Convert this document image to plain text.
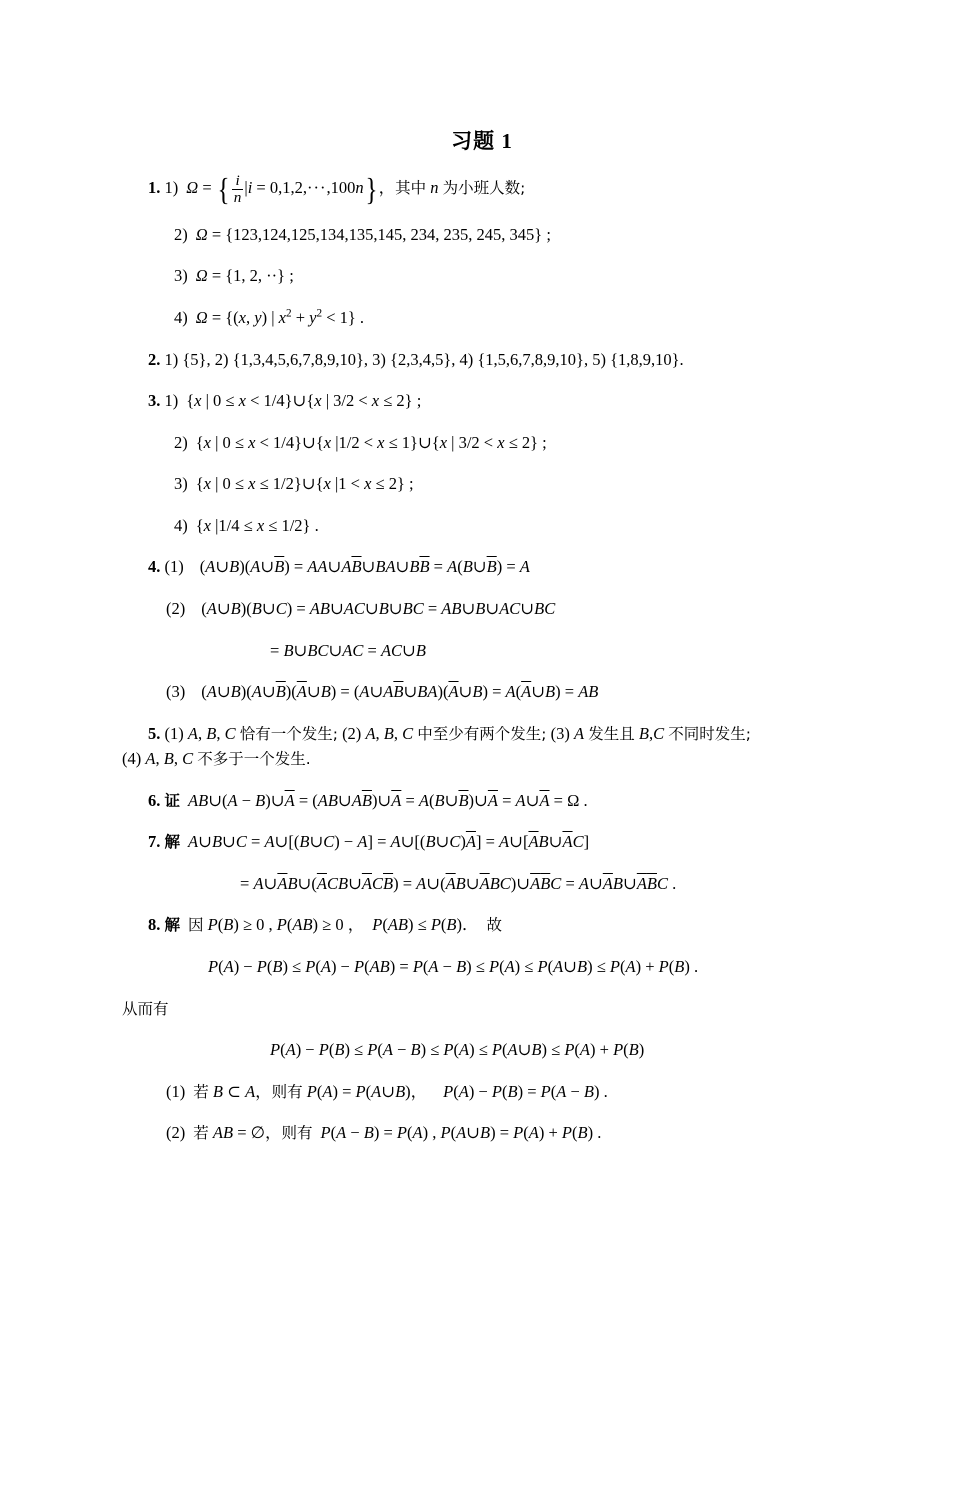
习题 1
1. 1) Ω = { $\frac{i}{n} |i = 0,1,2,\cdot\cdot\cdot,100n$}，其中 n 为小班人数;
2) Ω = {123,124,125,134,135,145, 234, 235, 245, 345} ;
3) Ω = {1, 2, ··} ;
4) Ω = {(x, y) | $x^2 + y^2 < 1$} .
2. 1) {5}, 2) {1,3,4,5,6,7,8,9,10}, 3) {2,3,4,5}, 4) {1,5,6,7,8,9,10}, 5) {1,8,9,10}.
3. 1) {x | 0 ≤ x < 1/4}∪{x | 3/2 < x ≤ 2} ;
2) {x | 0 ≤ x < 1/4}∪{x |1/2 < x ≤ 1}∪{x | 3/2 < x ≤ 2} ;
3) {x | 0 ≤ x ≤ 1/2}∪{x |1 < x ≤ 2} ;
4) {x |1/4 ≤ x ≤ 1/2} .
4. (1) $(A\cup B)(A\cup\overline{B})$ = $AA\cup A\overline{B}\cup BA\cup B\overline{B}$ = $A(B\cup\overline{B}) = A$
(2) (A∪B)(B∪C) = AB∪AC∪B∪BC = AB∪B∪AC∪BC
= B∪BC∪AC = AC∪B
(3) $(A\cup B)(A\cup\overline{B})(\overline{A}\cup B)$ = $(A\cup A\overline{B}\cup BA)(\overline{A}\cup B)$ = $A(\overline{A}\cup B)$ = AB
5. (1) A, B, C 恰有一个发生; (2) A, B, C 中至少有两个发生; (3) A 发生且 B,C 不同时发生;
(4) A, B, C 不多于一个发生.
6. 证 AB∪(A − $B)\cup\overline{A}$ = $(AB\cup A\overline{B})\cup\overline{A}$ = $A(B\cup\overline{B})\cup\overline{A}$ = $A\cup\overline{A} = \Omega$ .
7. 解 A∪B∪C = A∪[(B∪C) − $A] = A\cup[(B\cup C)\overline{A}]$ = $A\cup[\overline{A}B\cup\overline{A}C]$
= $A\cup\overline{A}B\cup(\overline{A}CB\cup\overline{A}C\overline{B})$ = $A\cup(\overline{A}B\cup\overline{A}BC)\cup\overline{A}\overline{B}C$ = $A\cup\overline{A}B\cup\overline{A}\overline{B}C$ .
8. 解 因 P(B) ≥ 0 , P(AB) ≥ 0 ， P(AB) ≤ P(B)． 故
P(A) − P(B) ≤ P(A) − P(AB) = P(A − B) ≤ P(A) ≤ P(A∪B) ≤ P(A) + P(B) .
从而有
P(A) − P(B) ≤ P(A − B) ≤ P(A) ≤ P(A∪B) ≤ P(A) + P(B)
(1) 若 B ⊂ A，则有 P(A) = P(A∪B)， P(A) − P(B) = P(A − B) .
(2) 若 AB = ∅，则有 P(A − B) = P(A) , P(A∪B) = P(A) + P(B) .
